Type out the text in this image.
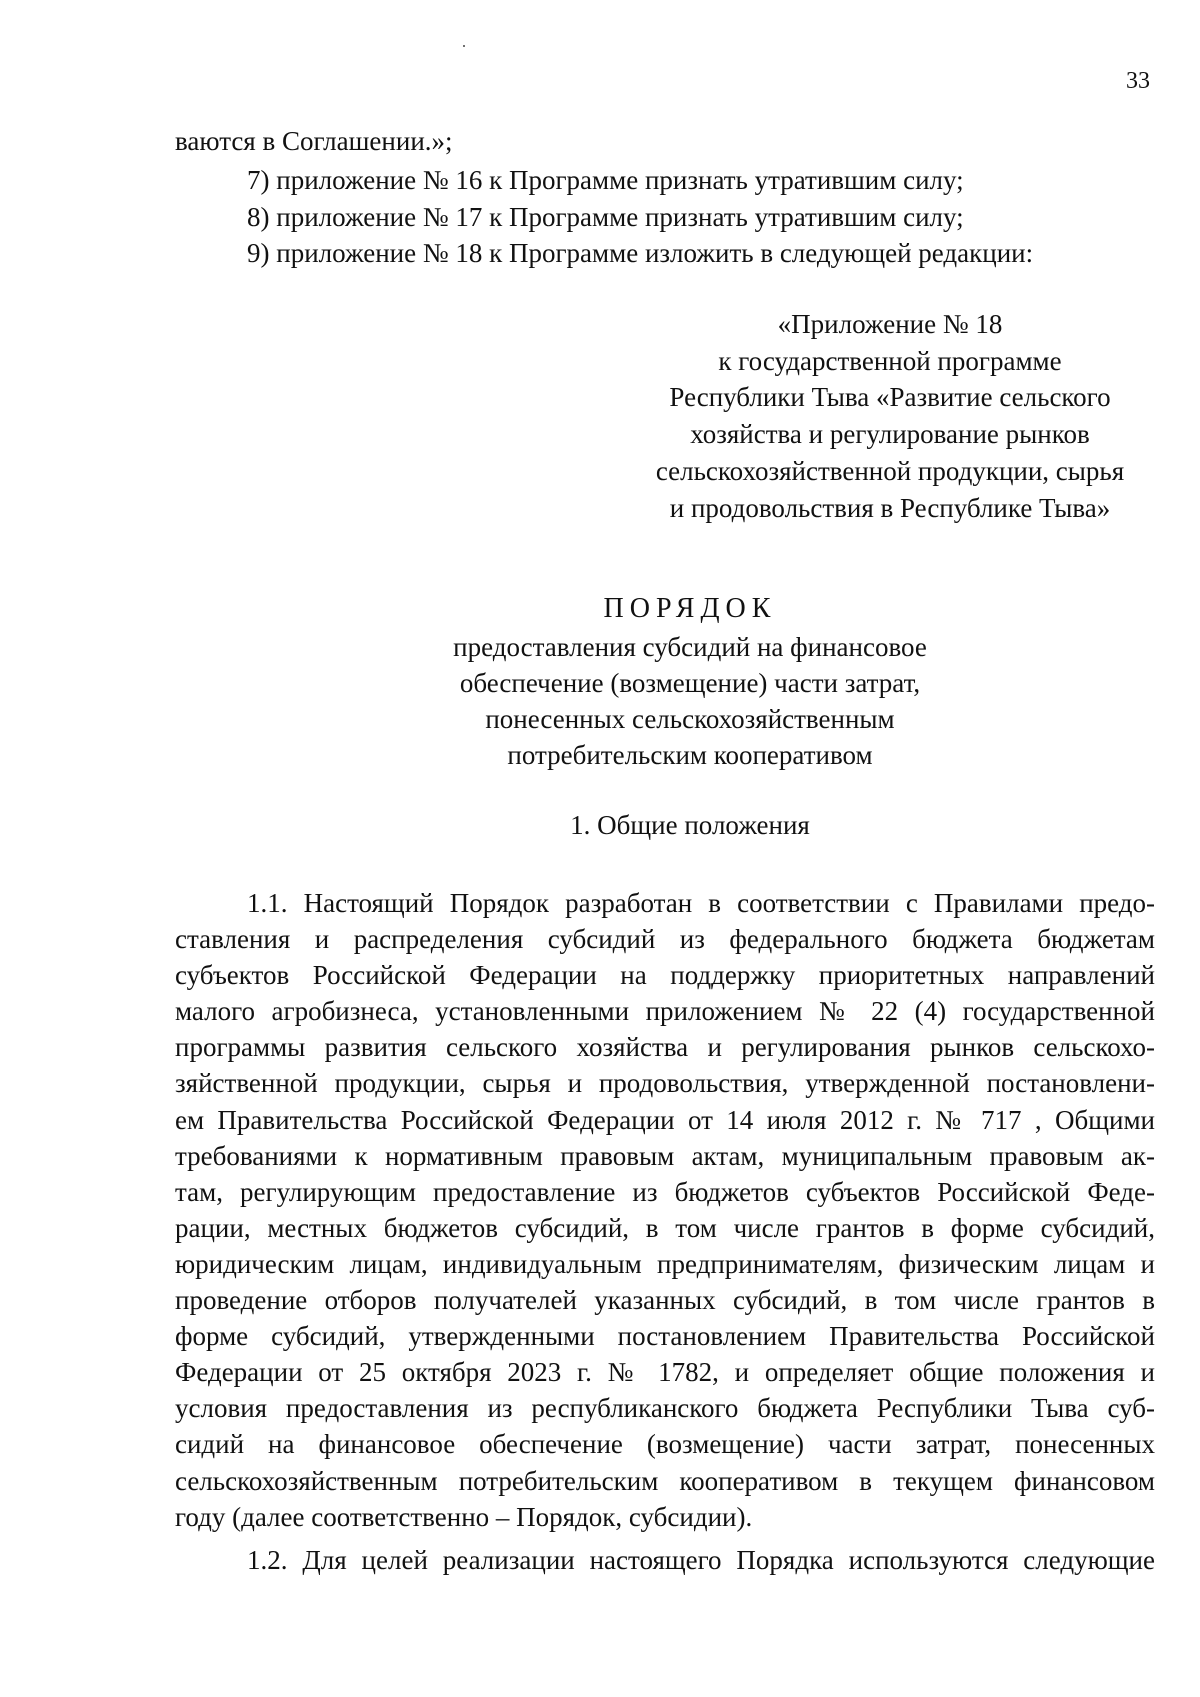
33
ваются в Соглашении.»;
7) приложение № 16 к Программе признать утратившим силу;
8) приложение № 17 к Программе признать утратившим силу;
9) приложение № 18 к Программе изложить в следующей редакции:
«Приложение № 18
к государственной программе
Республики Тыва «Развитие сельского
хозяйства и регулирование рынков
сельскохозяйственной продукции, сырья
и продовольствия в Республике Тыва»
ПОРЯДОК
предоставления субсидий на финансовое
обеспечение (возмещение) части затрат,
понесенных сельскохозяйственным
потребительским кооперативом
1. Общие положения
1.1. Настоящий Порядок разработан в соответствии с Правилами предо-
ставления и распределения субсидий из федерального бюджета бюджетам
субъектов Российской Федерации на поддержку приоритетных направлений
малого агробизнеса, установленными приложением № 22 (4) государственной
программы развития сельского хозяйства и регулирования рынков сельскохо-
зяйственной продукции, сырья и продовольствия, утвержденной постановлени-
ем Правительства Российской Федерации от 14 июля 2012 г. № 717 , Общими
требованиями к нормативным правовым актам, муниципальным правовым ак-
там, регулирующим предоставление из бюджетов субъектов Российской Феде-
рации, местных бюджетов субсидий, в том числе грантов в форме субсидий,
юридическим лицам, индивидуальным предпринимателям, физическим лицам и
проведение отборов получателей указанных субсидий, в том числе грантов в
форме субсидий, утвержденными постановлением Правительства Российской
Федерации от 25 октября 2023 г. № 1782, и определяет общие положения и
условия предоставления из республиканского бюджета Республики Тыва суб-
сидий на финансовое обеспечение (возмещение) части затрат, понесенных
сельскохозяйственным потребительским кооперативом в текущем финансовом
году (далее соответственно – Порядок, субсидии).
1.2. Для целей реализации настоящего Порядка используются следующие
